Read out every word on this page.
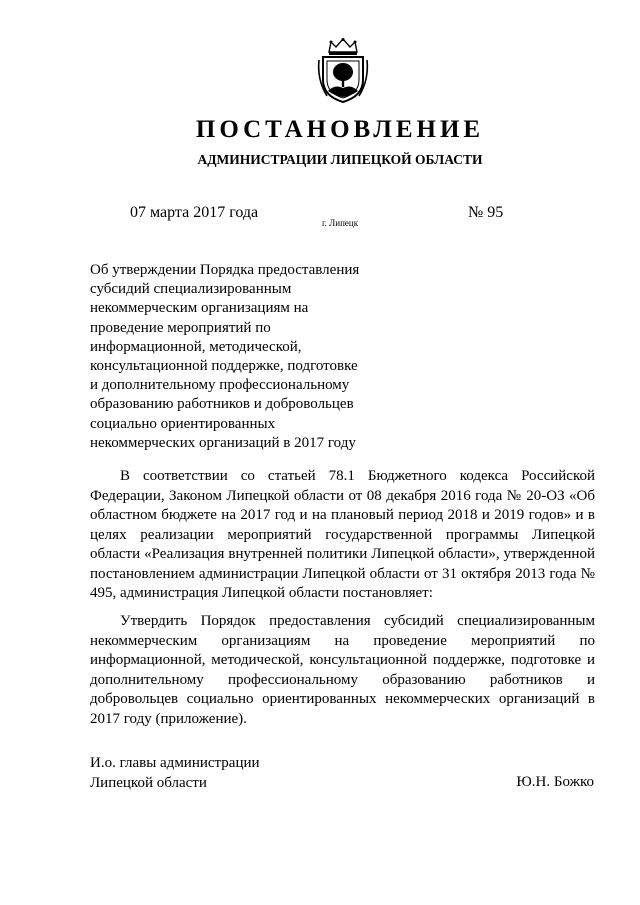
ПОСТАНОВЛЕНИЕ
АДМИНИСТРАЦИИ ЛИПЕЦКОЙ ОБЛАСТИ
07 марта 2017 года
г. Липецк
№ 95
Об утверждении Порядка предоставления
субсидий специализированным
некоммерческим организациям на
проведение мероприятий по
информационной, методической,
консультационной поддержке, подготовке
и дополнительному профессиональному
образованию работников и добровольцев
социально ориентированных
некоммерческих организаций в 2017 году

В соответствии со статьей 78.1 Бюджетного кодекса Российской Федерации, Законом Липецкой области от 08 декабря 2016 года № 20-ОЗ «Об областном бюджете на 2017 год и на плановый период 2018 и 2019 годов» и в целях реализации мероприятий государственной программы Липецкой области «Реализация внутренней политики Липецкой области», утвержденной постановлением администрации Липецкой области от 31 октября 2013 года № 495, администрация Липецкой области постановляет:

Утвердить Порядок предоставления субсидий специализированным некоммерческим организациям на проведение мероприятий по информационной, методической, консультационной поддержке, подготовке и дополнительному профессиональному образованию работников и добровольцев социально ориентированных некоммерческих организаций в 2017 году (приложение).

И.о. главы администрации
Липецкой области	Ю.Н. Божко
